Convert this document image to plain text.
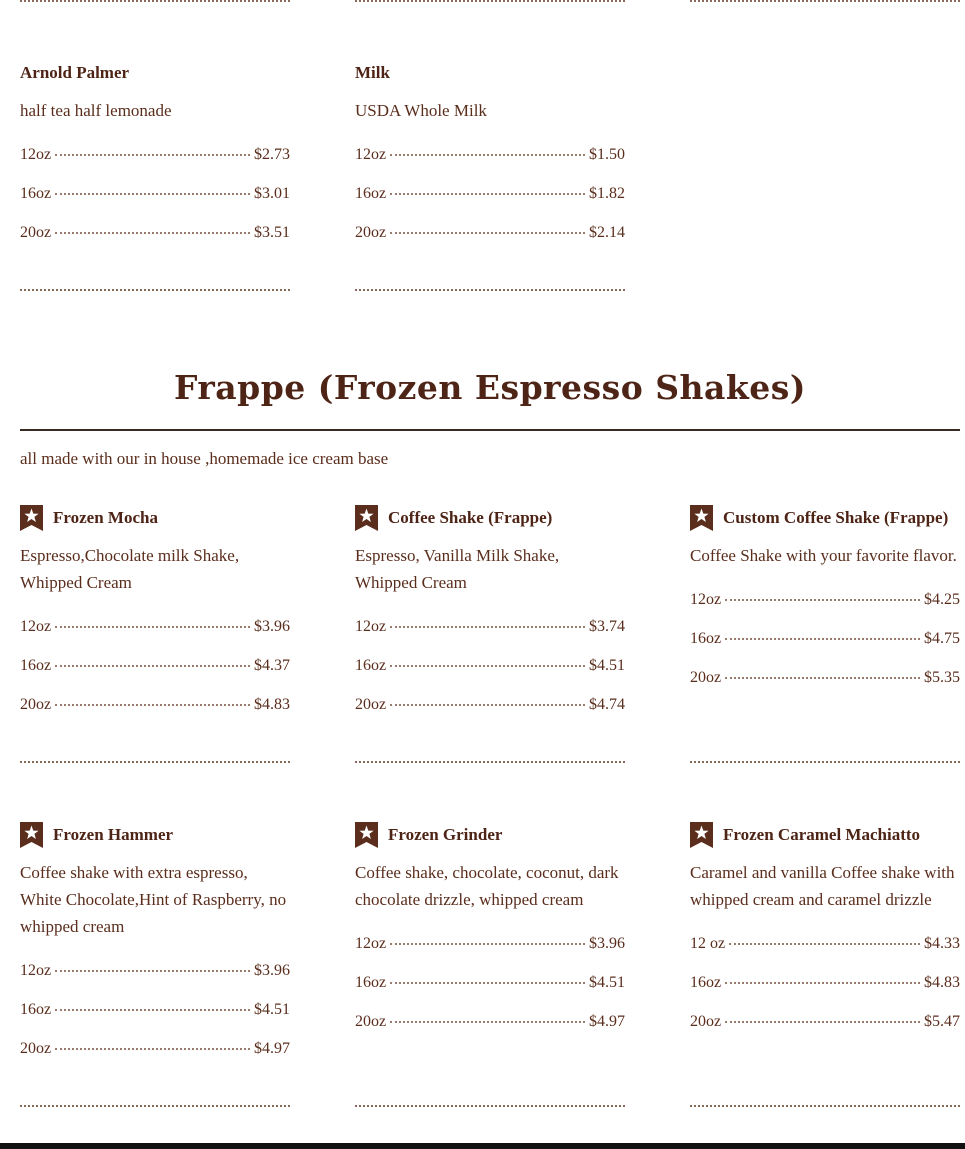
Arnold Palmer
half tea half lemonade
12oz	$2.73
16oz	$3.01
20oz	$3.51
Milk
USDA Whole Milk
12oz	$1.50
16oz	$1.82
20oz	$2.14
Frappe (Frozen Espresso Shakes)
all made with our in house ,homemade ice cream base
Frozen Mocha
Espresso,Chocolate milk Shake, Whipped Cream
12oz	$3.96
16oz	$4.37
20oz	$4.83
Coffee Shake (Frappe)
Espresso, Vanilla Milk Shake, Whipped Cream
12oz	$3.74
16oz	$4.51
20oz	$4.74
Custom Coffee Shake (Frappe)
Coffee Shake with your favorite flavor.
12oz	$4.25
16oz	$4.75
20oz	$5.35
Frozen Hammer
Coffee shake with extra espresso, White Chocolate,Hint of Raspberry, no whipped cream
12oz	$3.96
16oz	$4.51
20oz	$4.97
Frozen Grinder
Coffee shake, chocolate, coconut, dark chocolate drizzle, whipped cream
12oz	$3.96
16oz	$4.51
20oz	$4.97
Frozen Caramel Machiatto
Caramel and vanilla Coffee shake with whipped cream and caramel drizzle
12 oz	$4.33
16oz	$4.83
20oz	$5.47
